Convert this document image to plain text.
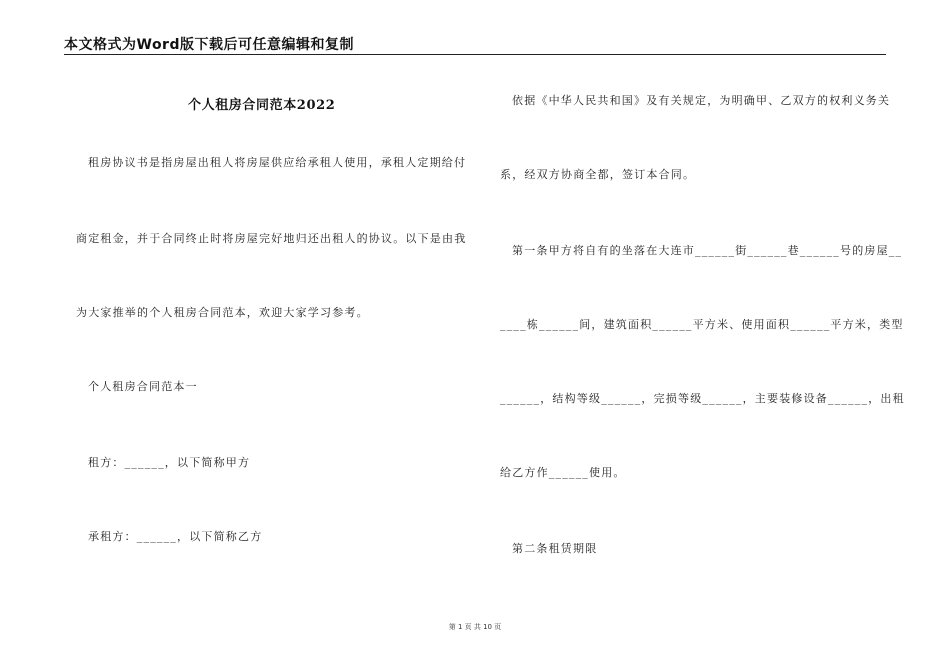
本文格式为Word版下载后可任意编辑和复制
个人租房合同范本2022
租房协议书是指房屋出租人将房屋供应给承租人使用，承租人定期给付
商定租金，并于合同终止时将房屋完好地归还出租人的协议。以下是由我
为大家推举的个人租房合同范本，欢迎大家学习参考。
个人租房合同范本一
租方：______，以下简称甲方
承租方：______，以下简称乙方
依据《中华人民共和国》及有关规定，为明确甲、乙双方的权利义务关
系，经双方协商全都，签订本合同。
第一条甲方将自有的坐落在大连市______街______巷______号的房屋__
____栋______间，建筑面积______平方米、使用面积______平方米，类型
______，结构等级______，完损等级______，主要装修设备______，出租
给乙方作______使用。
第二条租赁期限
第 1 页 共 10 页
